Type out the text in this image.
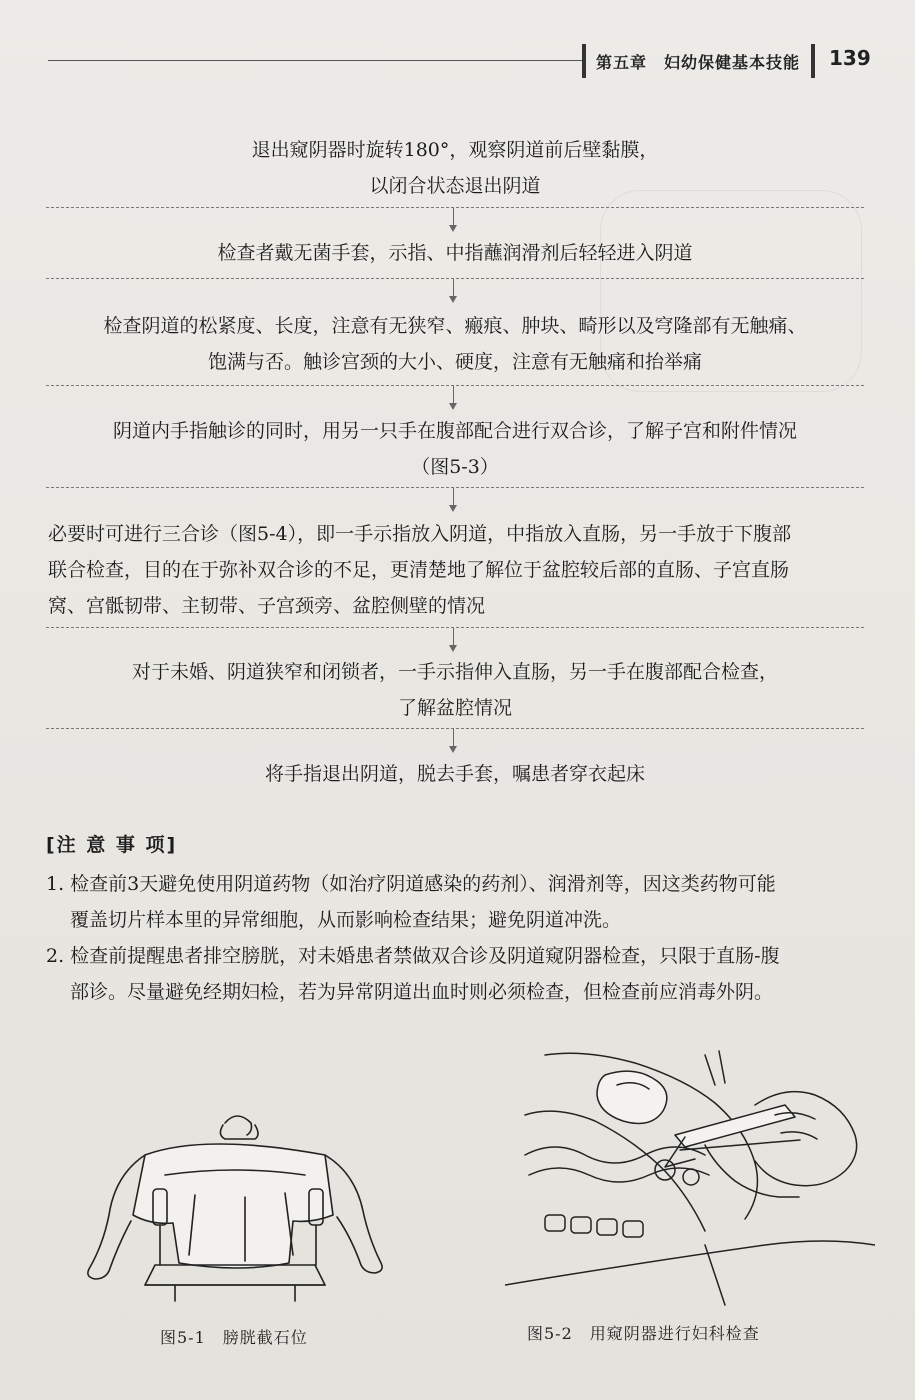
第五章　妇幼保健基本技能 139
退出窥阴器时旋转180°，观察阴道前后壁黏膜，
以闭合状态退出阴道
检查者戴无菌手套，示指、中指蘸润滑剂后轻轻进入阴道
检查阴道的松紧度、长度，注意有无狭窄、瘢痕、肿块、畸形以及穹隆部有无触痛、
饱满与否。触诊宫颈的大小、硬度，注意有无触痛和抬举痛
阴道内手指触诊的同时，用另一只手在腹部配合进行双合诊，了解子宫和附件情况
（图5-3）
必要时可进行三合诊（图5-4），即一手示指放入阴道，中指放入直肠，另一手放于下腹部
联合检查，目的在于弥补双合诊的不足，更清楚地了解位于盆腔较后部的直肠、子宫直肠
窝、宫骶韧带、主韧带、子宫颈旁、盆腔侧壁的情况
对于未婚、阴道狭窄和闭锁者，一手示指伸入直肠，另一手在腹部配合检查，
了解盆腔情况
将手指退出阴道，脱去手套，嘱患者穿衣起床
[注 意 事 项]
1. 检查前3天避免使用阴道药物（如治疗阴道感染的药剂）、润滑剂等，因这类药物可能
覆盖切片样本里的异常细胞，从而影响检查结果；避免阴道冲洗。
2. 检查前提醒患者排空膀胱，对未婚患者禁做双合诊及阴道窥阴器检查，只限于直肠-腹
部诊。尽量避免经期妇检，若为异常阴道出血时则必须检查，但检查前应消毒外阴。
图5-1　膀胱截石位	图5-2　用窥阴器进行妇科检查
